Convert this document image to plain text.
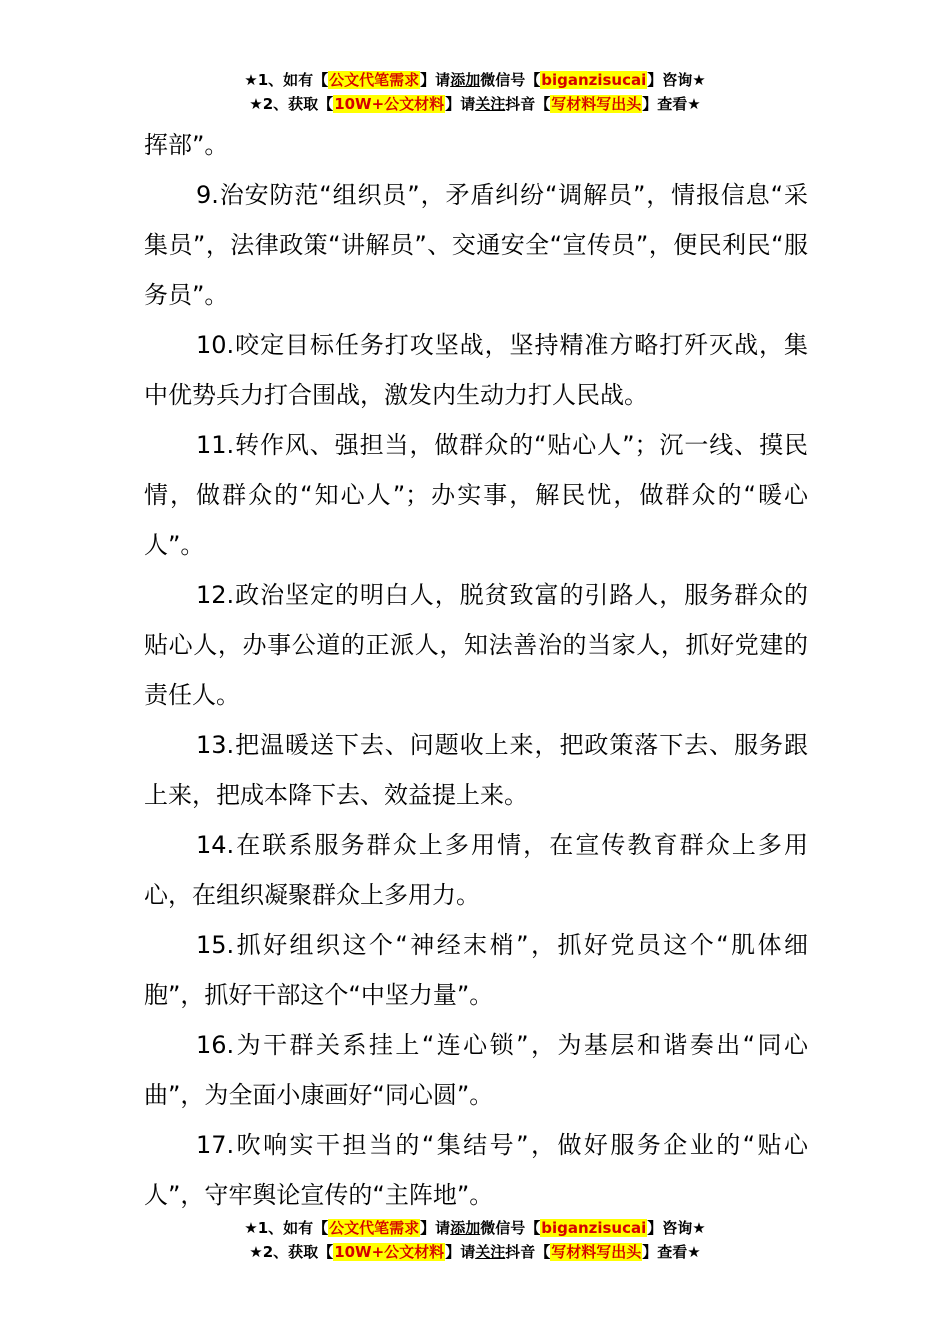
★1、如有【公文代笔需求】请添加微信号【biganzisucai】咨询★
★2、获取【10W+公文材料】请关注抖音【写材料写出头】查看★

挥部”。

9.治安防范“组织员”，矛盾纠纷“调解员”，情报信息“采集员”，法律政策“讲解员”、交通安全“宣传员”，便民利民“服务员”。

10.咬定目标任务打攻坚战，坚持精准方略打歼灭战，集中优势兵力打合围战，激发内生动力打人民战。

11.转作风、强担当，做群众的“贴心人”；沉一线、摸民情，做群众的“知心人”；办实事，解民忧，做群众的“暖心人”。

12.政治坚定的明白人，脱贫致富的引路人，服务群众的贴心人，办事公道的正派人，知法善治的当家人，抓好党建的责任人。

13.把温暖送下去、问题收上来，把政策落下去、服务跟上来，把成本降下去、效益提上来。

14.在联系服务群众上多用情，在宣传教育群众上多用心，在组织凝聚群众上多用力。

15.抓好组织这个“神经末梢”，抓好党员这个“肌体细胞”，抓好干部这个“中坚力量”。

16.为干群关系挂上“连心锁”，为基层和谐奏出“同心曲”，为全面小康画好“同心圆”。

17.吹响实干担当的“集结号”，做好服务企业的“贴心人”，守牢舆论宣传的“主阵地”。

★1、如有【公文代笔需求】请添加微信号【biganzisucai】咨询★
★2、获取【10W+公文材料】请关注抖音【写材料写出头】查看★
